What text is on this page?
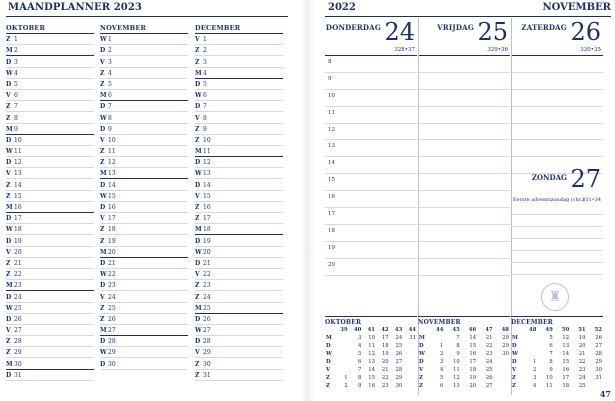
MAANDPLANNER 2023
OKTOBER
Z 1
M 2
D 3
W 4
D 5
V 6
Z 7
Z 8
M 9
D 10
W 11
D 12
V 13
Z 14
Z 15
M 16
D 17
W 18
D 19
V 20
Z 21
Z 22
M 23
D 24
W 25
D 26
V 27
Z 28
Z 29
M 30
D 31
NOVEMBER
W 1
D 2
V 3
Z 4
Z 5
M 6
D 7
W 8
D 9
V 10
Z 11
Z 12
M 13
D 14
W 15
D 16
V 17
Z 18
Z 19
M 20
D 21
W 22
D 23
V 24
Z 25
Z 26
M 27
D 28
W 29
D 30
DECEMBER
V 1
Z 2
Z 3
M 4
D 5
W 6
D 7
V 8
Z 9
Z 10
M 11
D 12
W 13
D 14
V 15
Z 16
Z 17
M 18
D 19
W 20
D 21
V 22
Z 23
Z 24
M 25
D 26
W 27
D 28
V 29
Z 30
Z 31
2022	NOVEMBER
DONDERDAG 24
328•37
8
9
10
11
12
13
14
15
16
17
18
19
20
VRIJDAG 25
329•36
ZATERDAG 26
330•35
ZONDAG 27
Eerste adventszondag (chr.)
331•34
♜
OKTOBER
	39	40	41	42	43	44
M		3	10	17	24	31
D		4	11	18	25	
W		5	12	19	26	
D		6	13	20	27	
V		7	14	21	28	
Z	1	8	15	22	29	
Z	2	9	16	23	30	
NOVEMBER
	44	45	46	47	48
M		7	14	21	28
D	1	8	15	22	29
W	2	9	16	23	30
D	3	10	17	24	
V	4	11	18	25	
Z	5	12	19	26	
Z	6	13	20	27	
DECEMBER
	48	49	50	51	52
M		5	12	19	26
D		6	13	20	27
W		7	14	21	28
D	1	8	15	22	29
V	2	9	16	23	30
Z	3	10	17	24	31
Z	4	11	18	25	
47
